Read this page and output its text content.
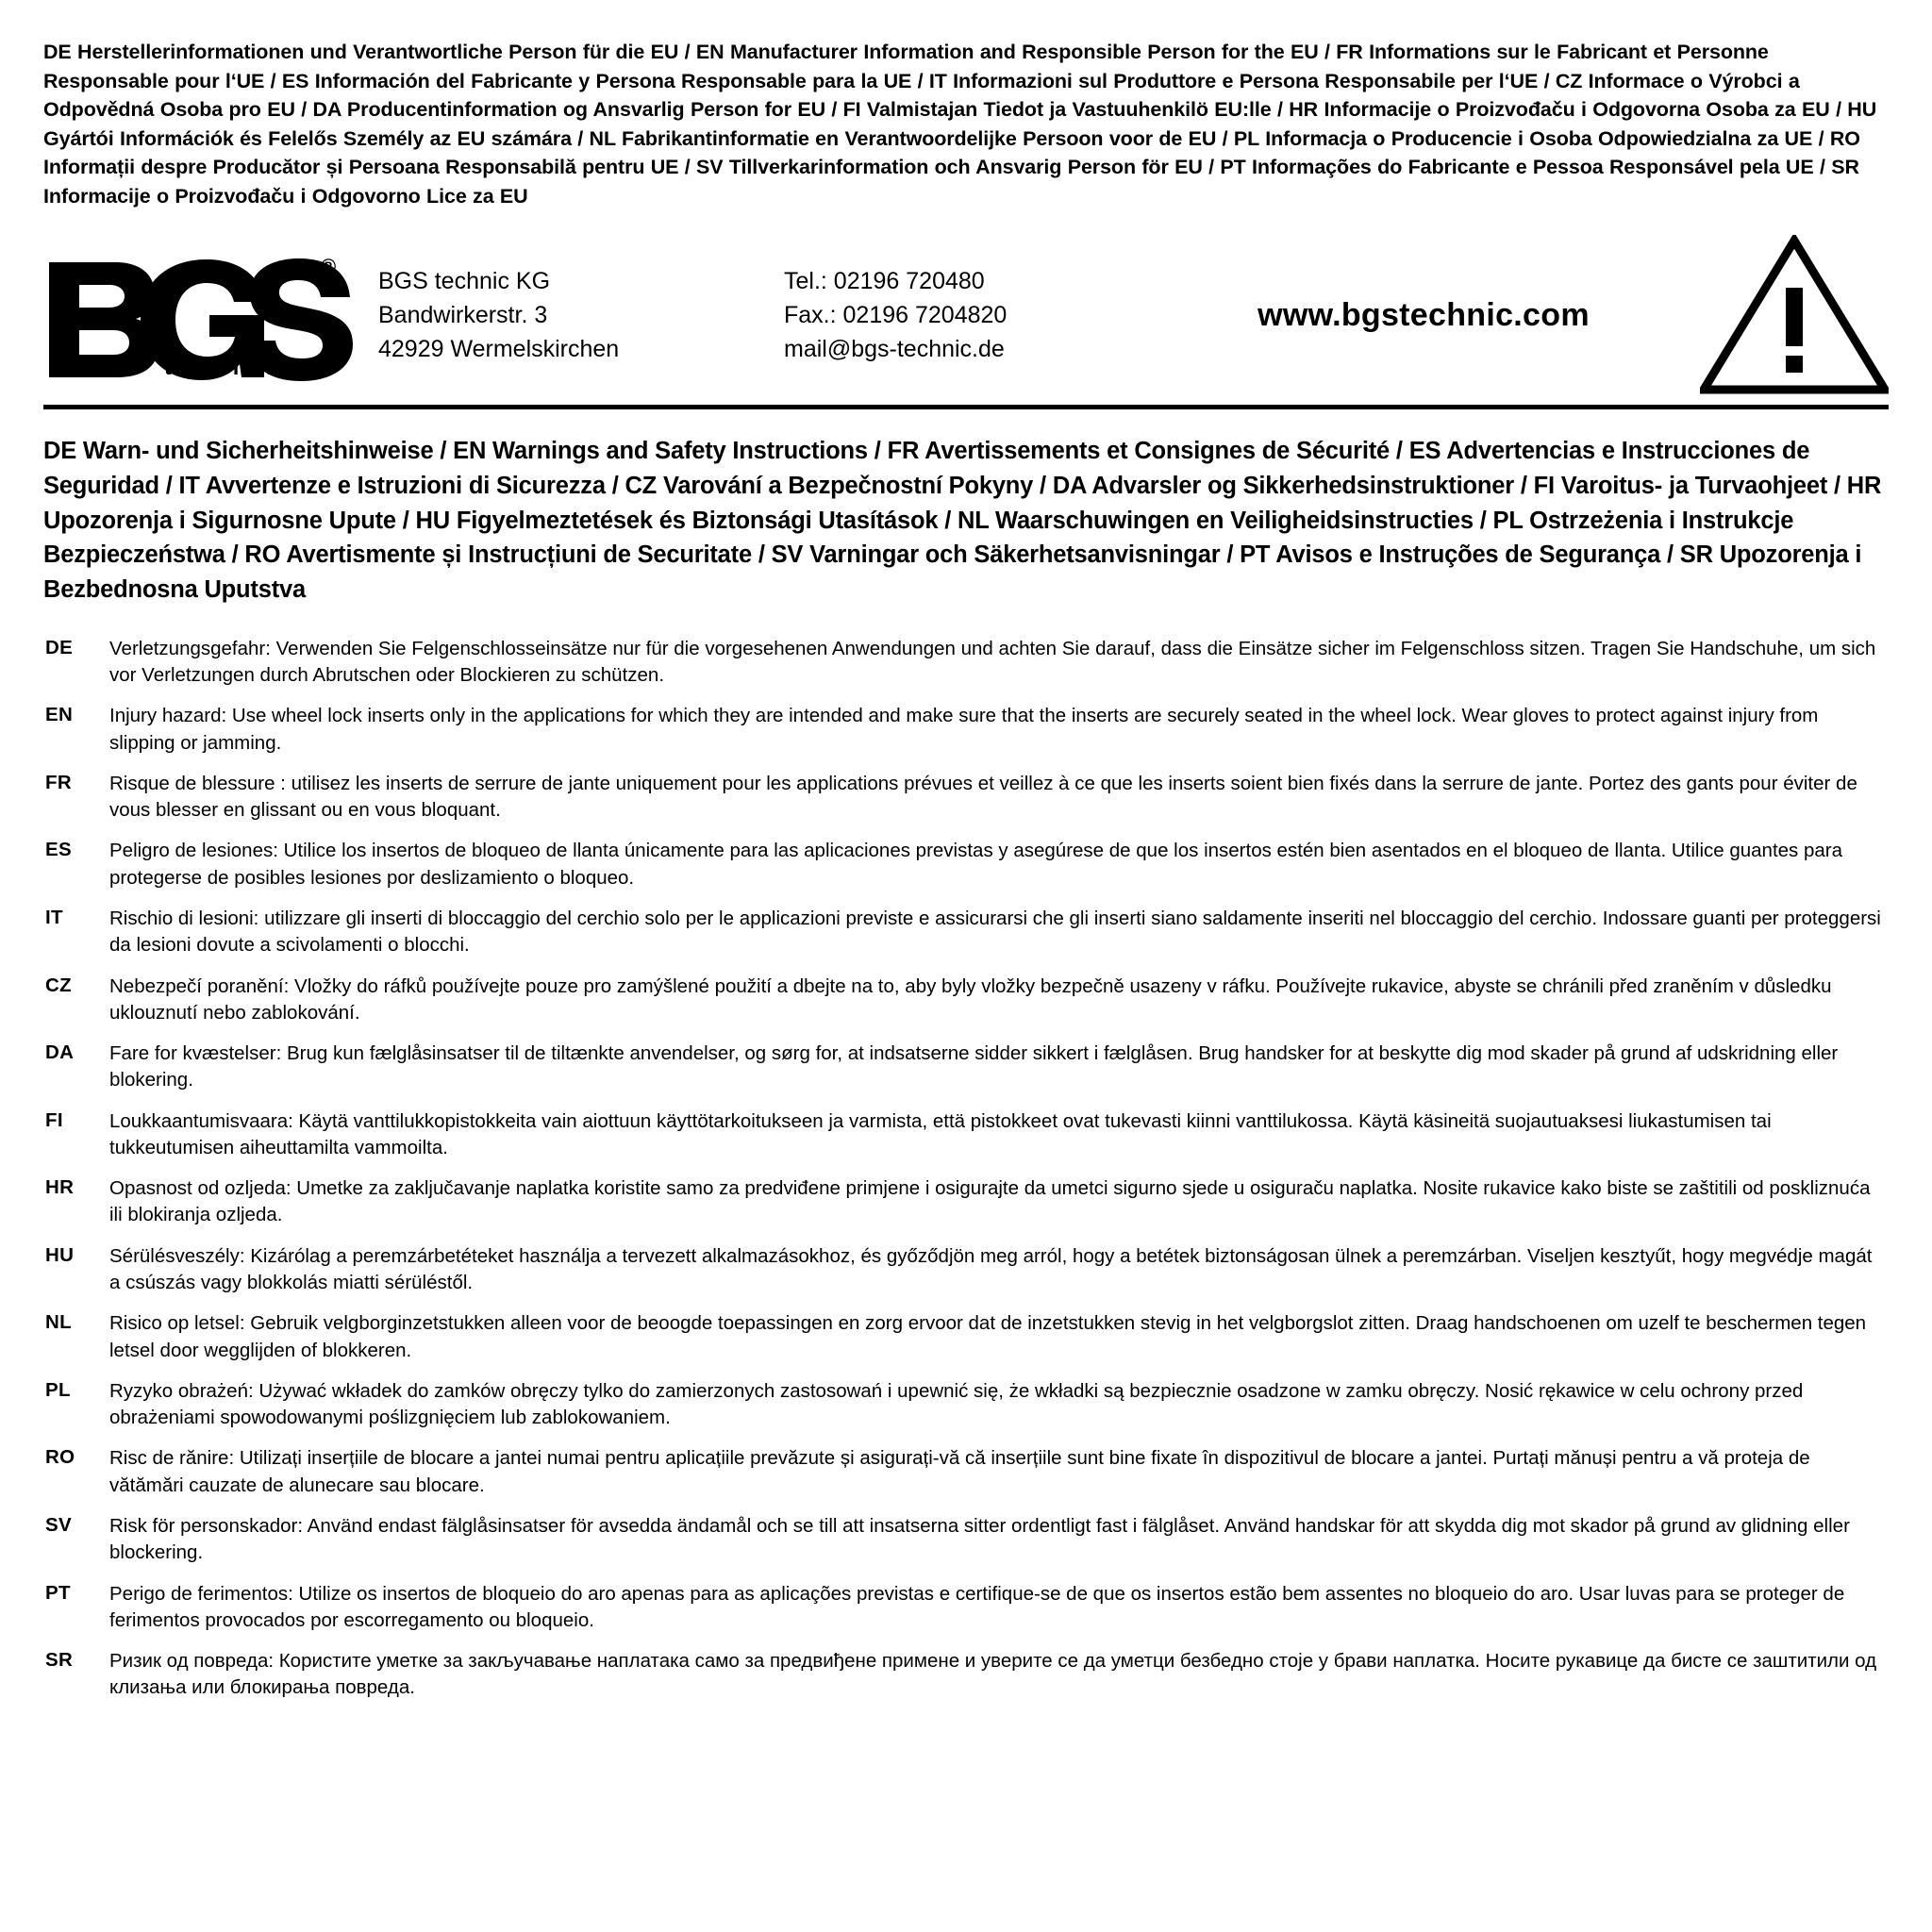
DE Herstellerinformationen und Verantwortliche Person für die EU / EN Manufacturer Information and Responsible Person for the EU / FR Informations sur le Fabricant et Personne Responsable pour l‘UE / ES Información del Fabricante y Persona Responsable para la UE / IT Informazioni sul Produttore e Persona Responsabile per l‘UE / CZ Informace o Výrobci a Odpovědná Osoba pro EU / DA Producentinformation og Ansvarlig Person for EU / FI Valmistajan Tiedot ja Vastuuhenkilö EU:lle / HR Informacije o Proizvođaču i Odgovorna Osoba za EU / HU Gyártói Információk és Felelős Személy az EU számára / NL Fabrikantinformatie en Verantwoordelijke Persoon voor de EU / PL Informacja o Producencie i Osoba Odpowiedzialna za UE / RO Informații despre Producător și Persoana Responsabilă pentru UE / SV Tillverkarinformation och Ansvarig Person för EU / PT Informações do Fabricante e Pessoa Responsável pela UE / SR Informacije o Proizvođaču i Odgovorno Lice za EU
®
t e c h n i c
BGS technic KG
Bandwirkerstr. 3
42929 Wermelskirchen
Tel.: 02196 720480
Fax.: 02196 7204820
mail@bgs-technic.de
www.bgstechnic.com
DE Warn- und Sicherheitshinweise / EN Warnings and Safety Instructions / FR Avertissements et Consignes de Sécurité / ES Advertencias e Instrucciones de Seguridad / IT Avvertenze e Istruzioni di Sicurezza / CZ Varování a Bezpečnostní Pokyny / DA Advarsler og Sikkerhedsinstruktioner / FI Varoitus- ja Turvaohjeet / HR Upozorenja i Sigurnosne Upute / HU Figyelmeztetések és Biztonsági Utasítások / NL Waarschuwingen en Veiligheidsinstructies / PL Ostrzeżenia i Instrukcje Bezpieczeństwa / RO Avertismente și Instrucțiuni de Securitate / SV Varningar och Säkerhetsanvisningar / PT Avisos e Instruções de Segurança / SR Upozorenja i Bezbednosna Uputstva
DE	Verletzungsgefahr: Verwenden Sie Felgenschlosseinsätze nur für die vorgesehenen Anwendungen und achten Sie darauf, dass die Einsätze sicher im Felgenschloss sitzen. Tragen Sie Handschuhe, um sich vor Verletzungen durch Abrutschen oder Blockieren zu schützen.
EN	Injury hazard: Use wheel lock inserts only in the applications for which they are intended and make sure that the inserts are securely seated in the wheel lock. Wear gloves to protect against injury from slipping or jamming.
FR	Risque de blessure : utilisez les inserts de serrure de jante uniquement pour les applications prévues et veillez à ce que les inserts soient bien fixés dans la serrure de jante. Portez des gants pour éviter de vous blesser en glissant ou en vous bloquant.
ES	Peligro de lesiones: Utilice los insertos de bloqueo de llanta únicamente para las aplicaciones previstas y asegúrese de que los insertos estén bien asentados en el bloqueo de llanta. Utilice guantes para protegerse de posibles lesiones por deslizamiento o bloqueo.
IT	Rischio di lesioni: utilizzare gli inserti di bloccaggio del cerchio solo per le applicazioni previste e assicurarsi che gli inserti siano saldamente inseriti nel bloccaggio del cerchio. Indossare guanti per proteggersi da lesioni dovute a scivolamenti o blocchi.
CZ	Nebezpečí poranění: Vložky do ráfků používejte pouze pro zamýšlené použití a dbejte na to, aby byly vložky bezpečně usazeny v ráfku. Používejte rukavice, abyste se chránili před zraněním v důsledku uklouznutí nebo zablokování.
DA	Fare for kvæstelser: Brug kun fælglåsinsatser til de tiltænkte anvendelser, og sørg for, at indsatserne sidder sikkert i fælglåsen. Brug handsker for at beskytte dig mod skader på grund af udskridning eller blokering.
FI	Loukkaantumisvaara: Käytä vanttilukkopistokkeita vain aiottuun käyttötarkoitukseen ja varmista, että pistokkeet ovat tukevasti kiinni vanttilukossa. Käytä käsineitä suojautuaksesi liukastumisen tai tukkeutumisen aiheuttamilta vammoilta.
HR	Opasnost od ozljeda: Umetke za zaključavanje naplatka koristite samo za predviđene primjene i osigurajte da umetci sigurno sjede u osiguraču naplatka. Nosite rukavice kako biste se zaštitili od poskliznuća ili blokiranja ozljeda.
HU	Sérülésveszély: Kizárólag a peremzárbetéteket használja a tervezett alkalmazásokhoz, és győződjön meg arról, hogy a betétek biztonságosan ülnek a peremzárban. Viseljen kesztyűt, hogy megvédje magát a csúszás vagy blokkolás miatti sérüléstől.
NL	Risico op letsel: Gebruik velgborginzetstukken alleen voor de beoogde toepassingen en zorg ervoor dat de inzetstukken stevig in het velgborgslot zitten. Draag handschoenen om uzelf te beschermen tegen letsel door wegglijden of blokkeren.
PL	Ryzyko obrażeń: Używać wkładek do zamków obręczy tylko do zamierzonych zastosowań i upewnić się, że wkładki są bezpiecznie osadzone w zamku obręczy. Nosić rękawice w celu ochrony przed obrażeniami spowodowanymi poślizgnięciem lub zablokowaniem.
RO	Risc de rănire: Utilizați inserțiile de blocare a jantei numai pentru aplicațiile prevăzute și asigurați-vă că inserțiile sunt bine fixate în dispozitivul de blocare a jantei. Purtați mănuși pentru a vă proteja de vătămări cauzate de alunecare sau blocare.
SV	Risk för personskador: Använd endast fälglåsinsatser för avsedda ändamål och se till att insatserna sitter ordentligt fast i fälglåset. Använd handskar för att skydda dig mot skador på grund av glidning eller blockering.
PT	Perigo de ferimentos: Utilize os insertos de bloqueio do aro apenas para as aplicações previstas e certifique-se de que os insertos estão bem assentes no bloqueio do aro. Usar luvas para se proteger de ferimentos provocados por escorregamento ou bloqueio.
SR	Ризик од повреда: Користите уметке за закључавање наплатака само за предвиђене примене и уверите се да уметци безбедно стоје у брави наплатка. Носите рукавице да бисте се заштитили од клизања или блокирања повреда.
